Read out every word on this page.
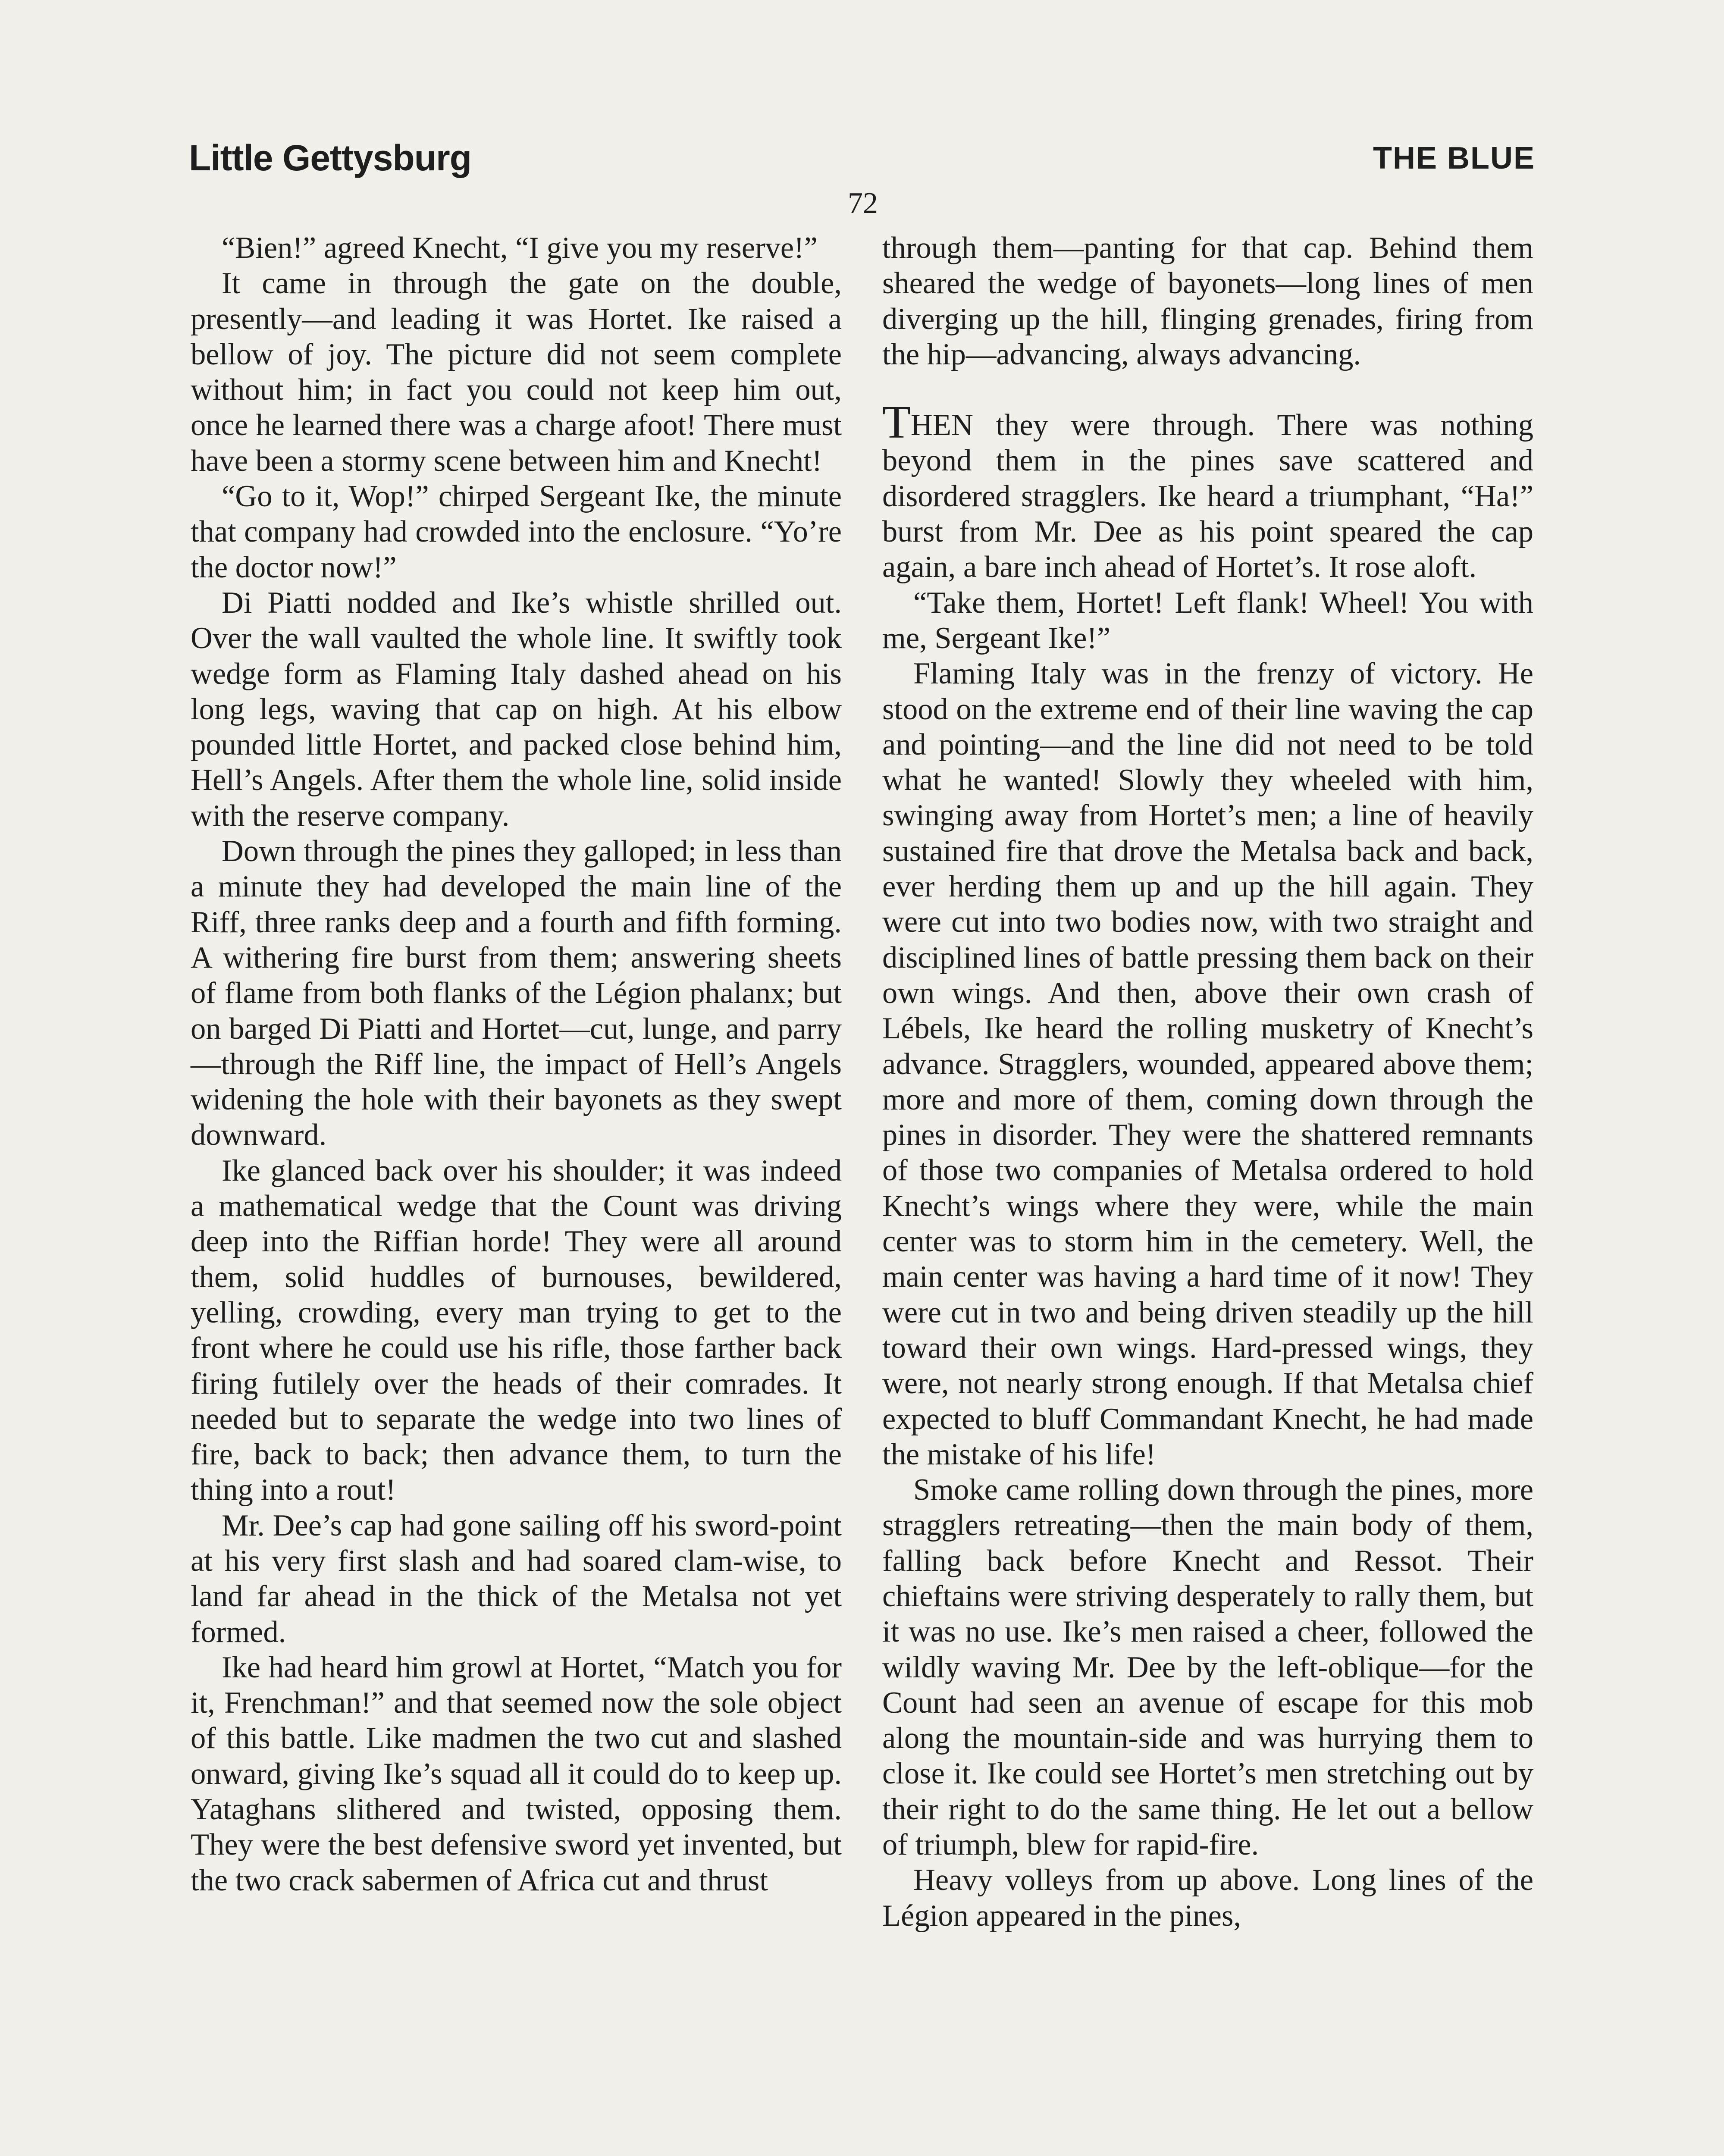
Little Gettysburg	THE BLUE
72

“Bien!” agreed Knecht, “I give you my reserve!”

It came in through the gate on the double, presently—and leading it was Hortet. Ike raised a bellow of joy. The picture did not seem complete without him; in fact you could not keep him out, once he learned there was a charge afoot! There must have been a stormy scene between him and Knecht!

“Go to it, Wop!” chirped Sergeant Ike, the minute that company had crowded into the enclosure. “Yo’re the doctor now!”

Di Piatti nodded and Ike’s whistle shrilled out. Over the wall vaulted the whole line. It swiftly took wedge form as Flaming Italy dashed ahead on his long legs, waving that cap on high. At his elbow pounded little Hortet, and packed close behind him, Hell’s Angels. After them the whole line, solid inside with the reserve company.

Down through the pines they galloped; in less than a minute they had developed the main line of the Riff, three ranks deep and a fourth and fifth forming. A withering fire burst from them; answering sheets of flame from both flanks of the Légion phalanx; but on barged Di Piatti and Hortet—cut, lunge, and parry—through the Riff line, the impact of Hell’s Angels widening the hole with their bayonets as they swept downward.

Ike glanced back over his shoulder; it was indeed a mathematical wedge that the Count was driving deep into the Riffian horde! They were all around them, solid huddles of burnouses, bewildered, yelling, crowding, every man trying to get to the front where he could use his rifle, those farther back firing futilely over the heads of their comrades. It needed but to separate the wedge into two lines of fire, back to back; then advance them, to turn the thing into a rout!

Mr. Dee’s cap had gone sailing off his sword-point at his very first slash and had soared clam-wise, to land far ahead in the thick of the Metalsa not yet formed.

Ike had heard him growl at Hortet, “Match you for it, Frenchman!” and that seemed now the sole object of this battle. Like madmen the two cut and slashed onward, giving Ike’s squad all it could do to keep up. Yataghans slithered and twisted, opposing them. They were the best defensive sword yet invented, but the two crack sabermen of Africa cut and thrust

through them—panting for that cap. Behind them sheared the wedge of bayonets—long lines of men diverging up the hill, flinging grenades, firing from the hip—advancing, always advancing.

THEN they were through. There was nothing beyond them in the pines save scattered and disordered stragglers. Ike heard a triumphant, “Ha!” burst from Mr. Dee as his point speared the cap again, a bare inch ahead of Hortet’s. It rose aloft.

“Take them, Hortet! Left flank! Wheel! You with me, Sergeant Ike!”

Flaming Italy was in the frenzy of victory. He stood on the extreme end of their line waving the cap and pointing—and the line did not need to be told what he wanted! Slowly they wheeled with him, swinging away from Hortet’s men; a line of heavily sustained fire that drove the Metalsa back and back, ever herding them up and up the hill again. They were cut into two bodies now, with two straight and disciplined lines of battle pressing them back on their own wings. And then, above their own crash of Lébels, Ike heard the rolling musketry of Knecht’s advance. Stragglers, wounded, appeared above them; more and more of them, coming down through the pines in disorder. They were the shattered remnants of those two companies of Metalsa ordered to hold Knecht’s wings where they were, while the main center was to storm him in the cemetery. Well, the main center was having a hard time of it now! They were cut in two and being driven steadily up the hill toward their own wings. Hard-pressed wings, they were, not nearly strong enough. If that Metalsa chief expected to bluff Commandant Knecht, he had made the mistake of his life!

Smoke came rolling down through the pines, more stragglers retreating—then the main body of them, falling back before Knecht and Ressot. Their chieftains were striving desperately to rally them, but it was no use. Ike’s men raised a cheer, followed the wildly waving Mr. Dee by the left-oblique—for the Count had seen an avenue of escape for this mob along the mountain-side and was hurrying them to close it. Ike could see Hortet’s men stretching out by their right to do the same thing. He let out a bellow of triumph, blew for rapid-fire.

Heavy volleys from up above. Long lines of the Légion appeared in the pines,
